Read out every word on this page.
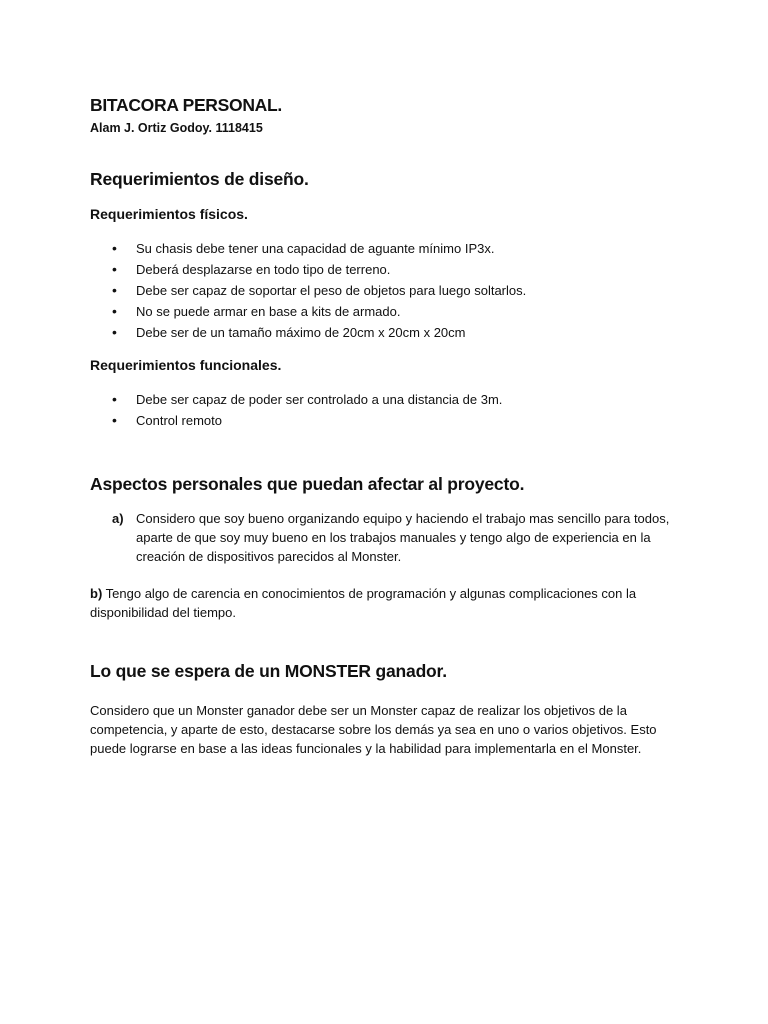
BITACORA PERSONAL.
Alam J. Ortiz Godoy. 1118415
Requerimientos de diseño.
Requerimientos físicos.
• Su chasis debe tener una capacidad de aguante mínimo IP3x.
• Deberá desplazarse en todo tipo de terreno.
• Debe ser capaz de soportar el peso de objetos para luego soltarlos.
• No se puede armar en base a kits de armado.
• Debe ser de un tamaño máximo de 20cm x 20cm x 20cm
Requerimientos funcionales.
• Debe ser capaz de poder ser controlado a una distancia de 3m.
• Control remoto
Aspectos personales que puedan afectar al proyecto.
a) Considero que soy bueno organizando equipo y haciendo el trabajo mas sencillo para todos, aparte de que soy muy bueno en los trabajos manuales y tengo algo de experiencia en la creación de dispositivos parecidos al Monster.

b) Tengo algo de carencia en conocimientos de programación y algunas complicaciones con la disponibilidad del tiempo.

Lo que se espera de un MONSTER ganador.

Considero que un Monster ganador debe ser un Monster capaz de realizar los objetivos de la competencia, y aparte de esto, destacarse sobre los demás ya sea en uno o varios objetivos. Esto puede lograrse en base a las ideas funcionales y la habilidad para implementarla en el Monster.
